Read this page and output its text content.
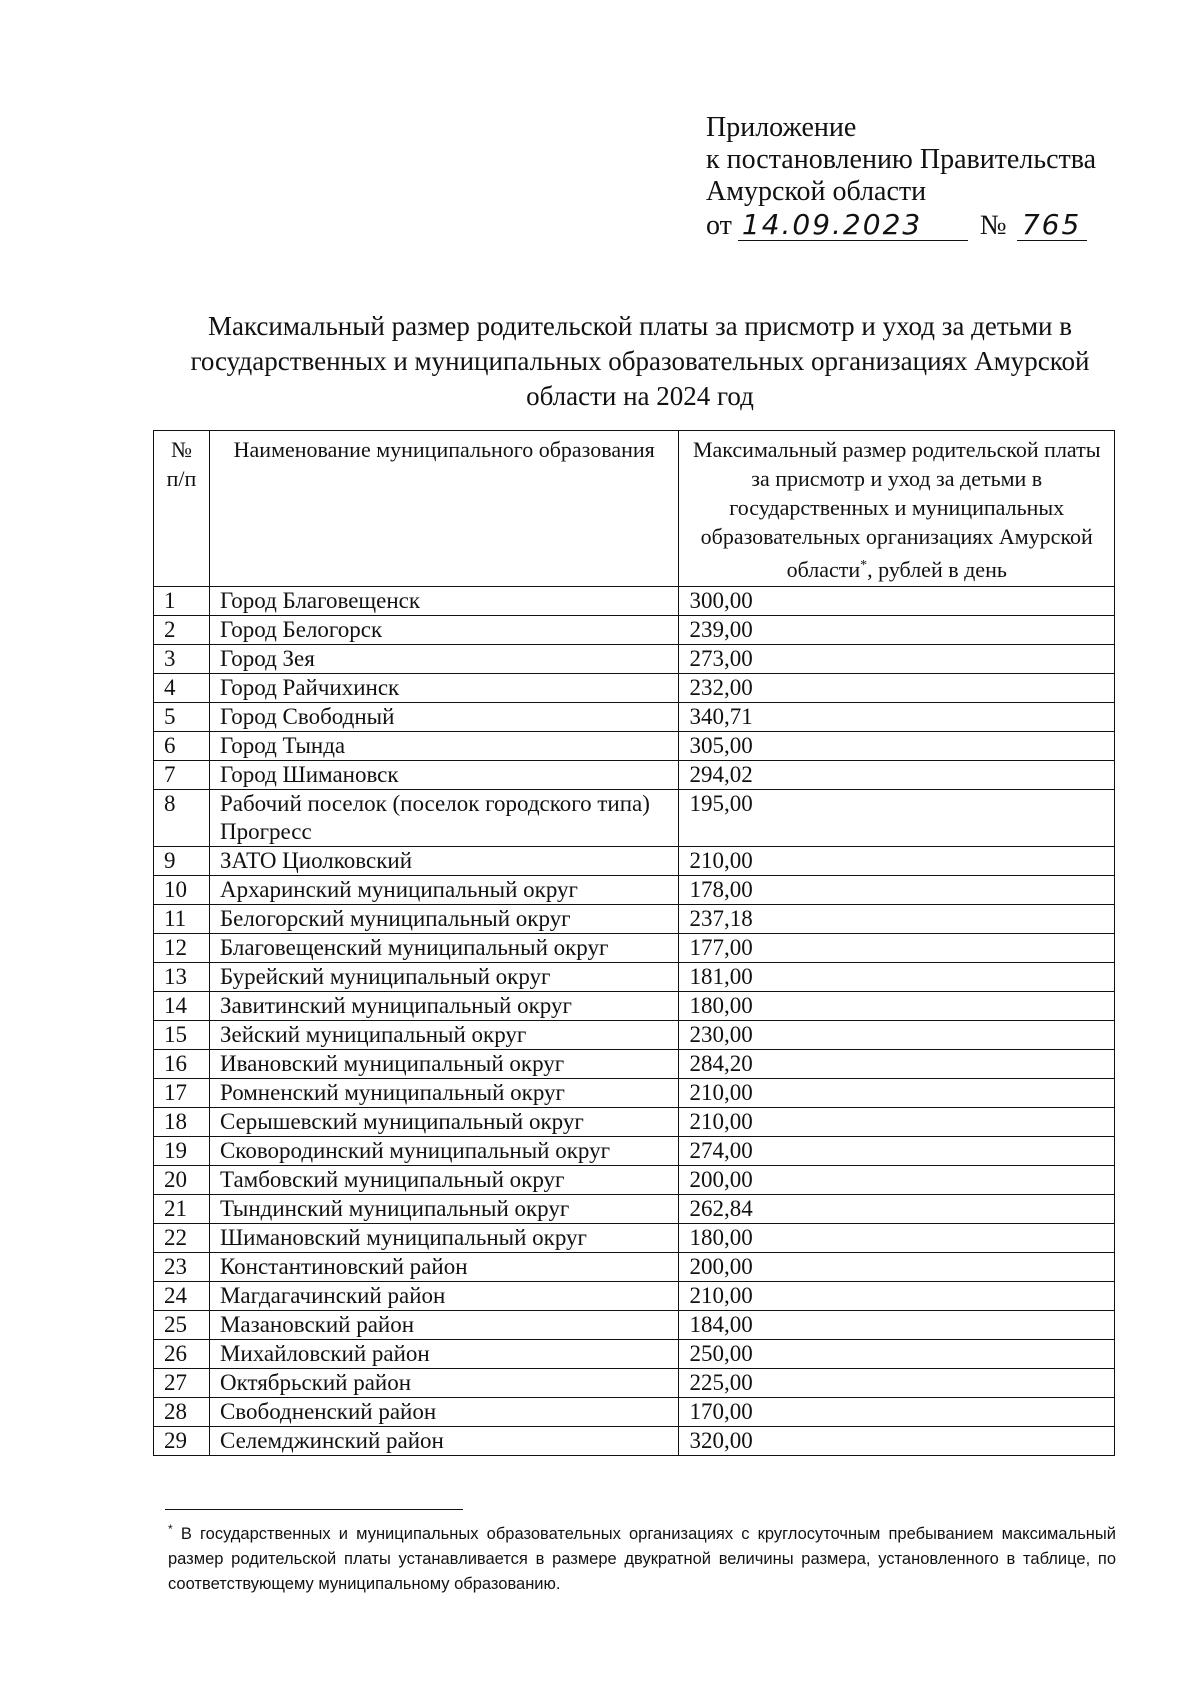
Приложение
к постановлению Правительства
Амурской области
от 14.09.2023	№ 765
Максимальный размер родительской платы за присмотр и уход за детьми в государственных и муниципальных образовательных организациях Амурской области на 2024 год
№ п/п	Наименование муниципального образования	Максимальный размер родительской платы за присмотр и уход за детьми в государственных и муниципальных образовательных организациях Амурской области*, рублей в день
1	Город Благовещенск	300,00
2	Город Белогорск	239,00
3	Город Зея	273,00
4	Город Райчихинск	232,00
5	Город Свободный	340,71
6	Город Тында	305,00
7	Город Шимановск	294,02
8	Рабочий поселок (поселок городского типа) Прогресс	195,00
9	ЗАТО Циолковский	210,00
10	Архаринский муниципальный округ	178,00
11	Белогорский муниципальный округ	237,18
12	Благовещенский муниципальный округ	177,00
13	Бурейский муниципальный округ	181,00
14	Завитинский муниципальный округ	180,00
15	Зейский муниципальный округ	230,00
16	Ивановский муниципальный округ	284,20
17	Ромненский муниципальный округ	210,00
18	Серышевский муниципальный округ	210,00
19	Сковородинский муниципальный округ	274,00
20	Тамбовский муниципальный округ	200,00
21	Тындинский муниципальный округ	262,84
22	Шимановский муниципальный округ	180,00
23	Константиновский район	200,00
24	Магдагачинский район	210,00
25	Мазановский район	184,00
26	Михайловский район	250,00
27	Октябрьский район	225,00
28	Свободненский район	170,00
29	Селемджинский район	320,00
* В государственных и муниципальных образовательных организациях с круглосуточным пребыванием максимальный размер родительской платы устанавливается в размере двукратной величины размера, установленного в таблице, по соответствующему муниципальному образованию.
